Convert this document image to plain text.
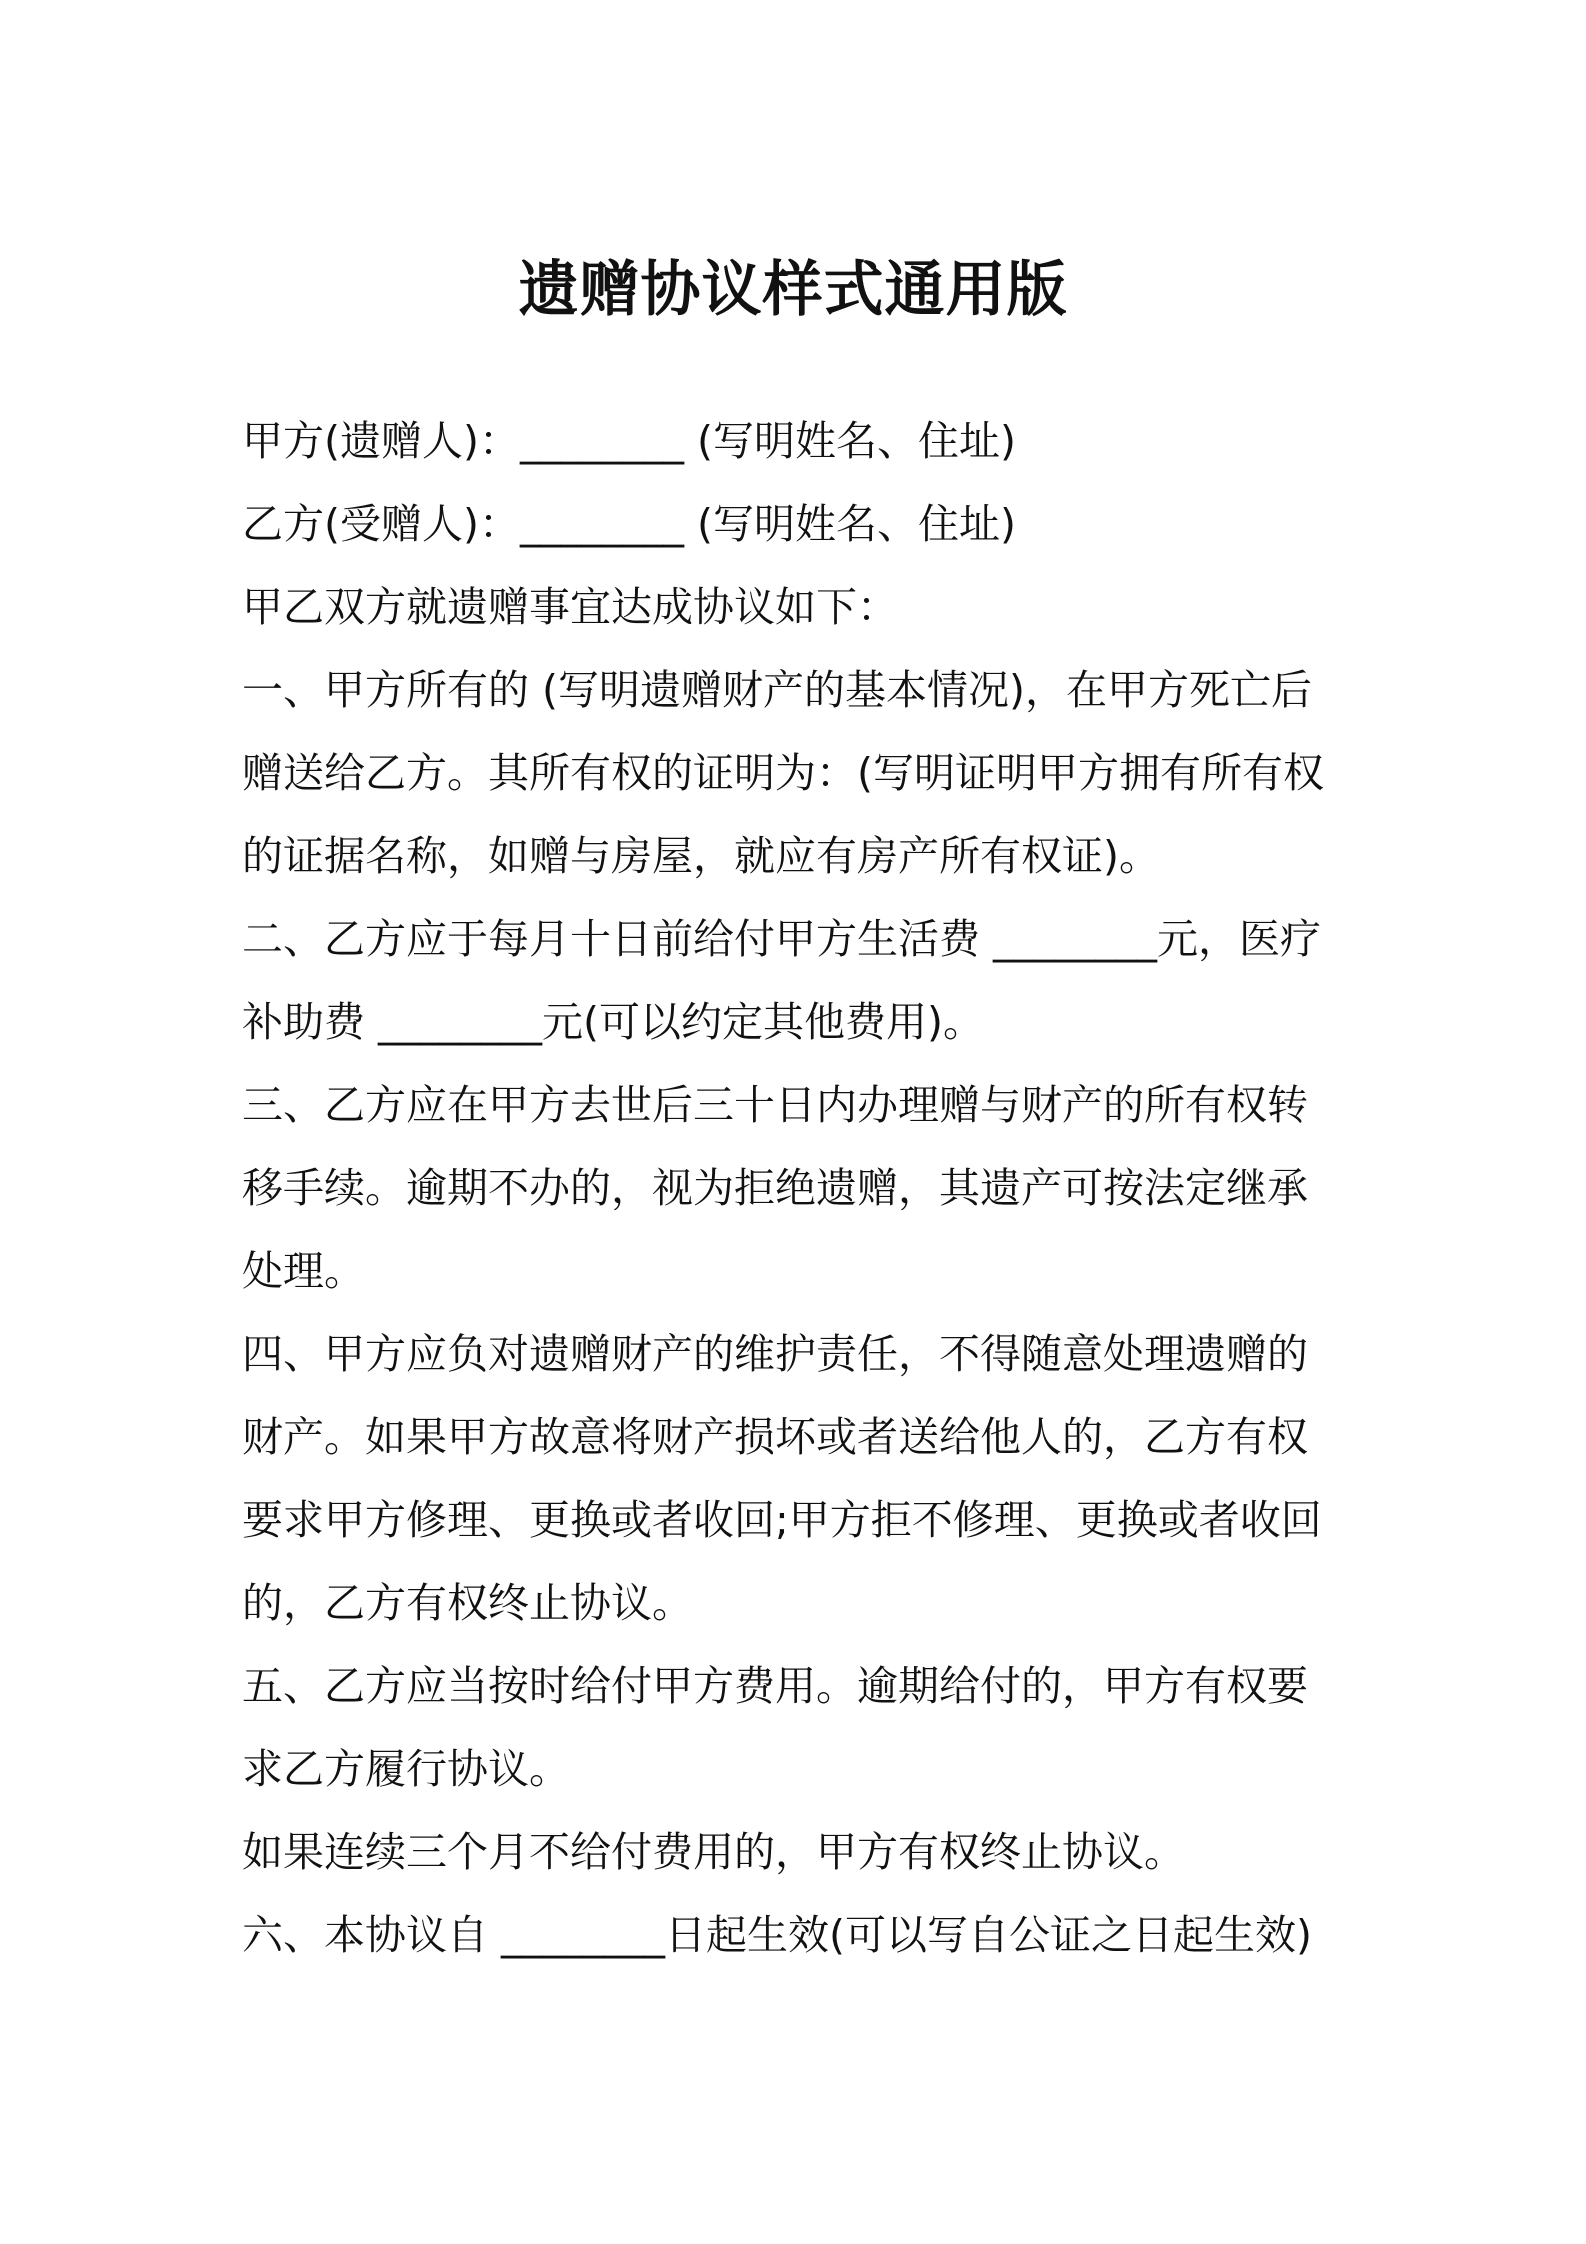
遗赠协议样式通用版
甲方(遗赠人)：________ (写明姓名、住址)
乙方(受赠人)：________ (写明姓名、住址)
甲乙双方就遗赠事宜达成协议如下：
一、甲方所有的 (写明遗赠财产的基本情况)，在甲方死亡后
赠送给乙方。其所有权的证明为：(写明证明甲方拥有所有权
的证据名称，如赠与房屋，就应有房产所有权证)。
二、乙方应于每月十日前给付甲方生活费 ________元，医疗
补助费 ________元(可以约定其他费用)。
三、乙方应在甲方去世后三十日内办理赠与财产的所有权转
移手续。逾期不办的，视为拒绝遗赠，其遗产可按法定继承
处理。
四、甲方应负对遗赠财产的维护责任，不得随意处理遗赠的
财产。如果甲方故意将财产损坏或者送给他人的，乙方有权
要求甲方修理、更换或者收回;甲方拒不修理、更换或者收回
的，乙方有权终止协议。
五、乙方应当按时给付甲方费用。逾期给付的，甲方有权要
求乙方履行协议。
如果连续三个月不给付费用的，甲方有权终止协议。
六、本协议自 ________日起生效(可以写自公证之日起生效)
